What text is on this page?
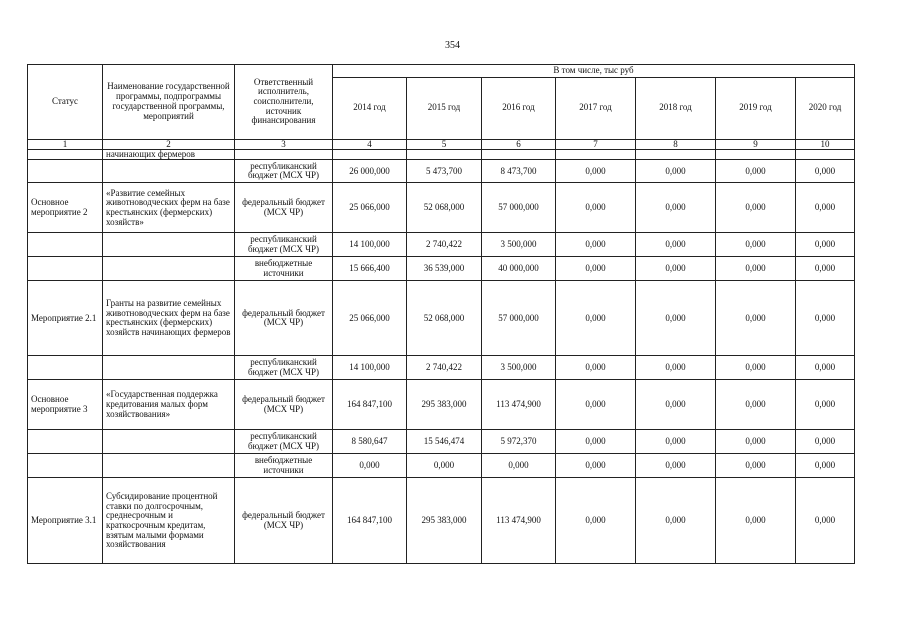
354
Статус	Наименование государственной программы, подпрограммы государственной программы, мероприятий	Ответственный исполнитель, соисполнители, источник финансирования	В том числе, тыс руб						
			2014 год	2015 год	2016 год	2017 год	2018 год	2019 год	2020 год
1	2	3	4	5	6	7	8	9	10
	начинающих фермеров								
		республиканский бюджет (МСХ ЧР)	26 000,000	5 473,700	8 473,700	0,000	0,000	0,000	0,000
Основное мероприятие 2	«Развитие семейных животноводческих ферм на базе крестьянских (фермерских) хозяйств»	федеральный бюджет (МСХ ЧР)	25 066,000	52 068,000	57 000,000	0,000	0,000	0,000	0,000
		республиканский бюджет (МСХ ЧР)	14 100,000	2 740,422	3 500,000	0,000	0,000	0,000	0,000
		внебюджетные источники	15 666,400	36 539,000	40 000,000	0,000	0,000	0,000	0,000
Мероприятие 2.1	Гранты на развитие семейных животноводческих ферм на базе крестьянских (фермерских) хозяйств начинающих фермеров	федеральный бюджет (МСХ ЧР)	25 066,000	52 068,000	57 000,000	0,000	0,000	0,000	0,000
		республиканский бюджет (МСХ ЧР)	14 100,000	2 740,422	3 500,000	0,000	0,000	0,000	0,000
Основное мероприятие 3	«Государственная поддержка кредитования малых форм хозяйствования»	федеральный бюджет (МСХ ЧР)	164 847,100	295 383,000	113 474,900	0,000	0,000	0,000	0,000
		республиканский бюджет (МСХ ЧР)	8 580,647	15 546,474	5 972,370	0,000	0,000	0,000	0,000
		внебюджетные источники	0,000	0,000	0,000	0,000	0,000	0,000	0,000
Мероприятие 3.1	Субсидирование процентной ставки по долгосрочным, среднесрочным и краткосрочным кредитам, взятым малыми формами хозяйствования	федеральный бюджет (МСХ ЧР)	164 847,100	295 383,000	113 474,900	0,000	0,000	0,000	0,000
